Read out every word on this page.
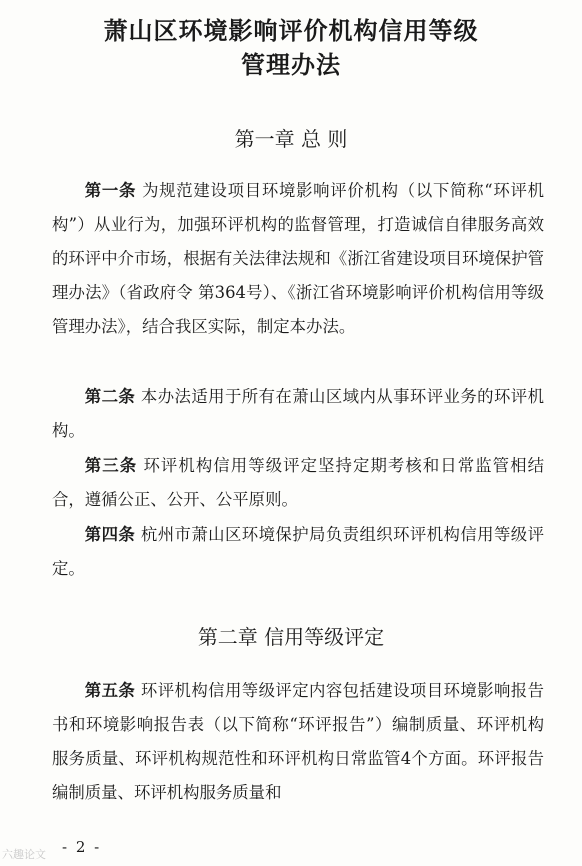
萧山区环境影响评价机构信用等级
管理办法
第一章 总 则

第一条 为规范建设项目环境影响评价机构（以下简称“环评机构”）从业行为，加强环评机构的监督管理，打造诚信自律服务高效的环评中介市场，根据有关法律法规和《浙江省建设项目环境保护管理办法》（省政府令 第364号）、《浙江省环境影响评价机构信用等级管理办法》，结合我区实际，制定本办法。

第二条 本办法适用于所有在萧山区域内从事环评业务的环评机构。

第三条 环评机构信用等级评定坚持定期考核和日常监管相结合，遵循公正、公开、公平原则。

第四条 杭州市萧山区环境保护局负责组织环评机构信用等级评定。

第二章 信用等级评定

第五条 环评机构信用等级评定内容包括建设项目环境影响报告书和环境影响报告表（以下简称“环评报告”）编制质量、环评机构服务质量、环评机构规范性和环评机构日常监管4个方面。环评报告编制质量、环评机构服务质量和

- 2 -
六趣论文
